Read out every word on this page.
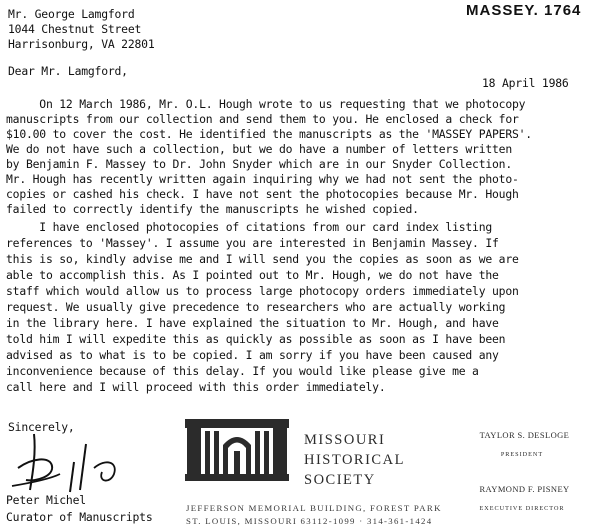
MASSEY. 1764
Mr. George Lamgford
1044 Chestnut Street
Harrisonburg, VA 22801
Dear Mr. Lamgford,
18 April 1986
On 12 March 1986, Mr. O.L. Hough wrote to us requesting that we photocopy
manuscripts from our collection and send them to you. He enclosed a check for
$10.00 to cover the cost. He identified the manuscripts as the 'MASSEY PAPERS'.
We do not have such a collection, but we do have a number of letters written
by Benjamin F. Massey to Dr. John Snyder which are in our Snyder Collection.
Mr. Hough has recently written again inquiring why we had not sent the photo-
copies or cashed his check. I have not sent the photocopies because Mr. Hough
failed to correctly identify the manuscripts he wished copied.
I have enclosed photocopies of citations from our card index listing
references to 'Massey'. I assume you are interested in Benjamin Massey. If
this is so, kindly advise me and I will send you the copies as soon as we are
able to accomplish this. As I pointed out to Mr. Hough, we do not have the
staff which would allow us to process large photocopy orders immediately upon
request. We usually give precedence to researchers who are actually working
in the library here. I have explained the situation to Mr. Hough, and have
told him I will expedite this as quickly as possible as soon as I have been
advised as to what is to be copied. I am sorry if you have been caused any
inconvenience because of this delay. If you would like please give me a
call here and I will proceed with this order immediately.
Sincerely,
Peter Michel
Curator of Manuscripts
MISSOURI
HISTORICAL
SOCIETY

TAYLOR S. DESLOGE

PRESIDENT

RAYMOND F. PISNEY

EXECUTIVE DIRECTOR

JEFFERSON MEMORIAL BUILDING, FOREST PARK
ST. LOUIS, MISSOURI 63112-1099 · 314-361-1424
